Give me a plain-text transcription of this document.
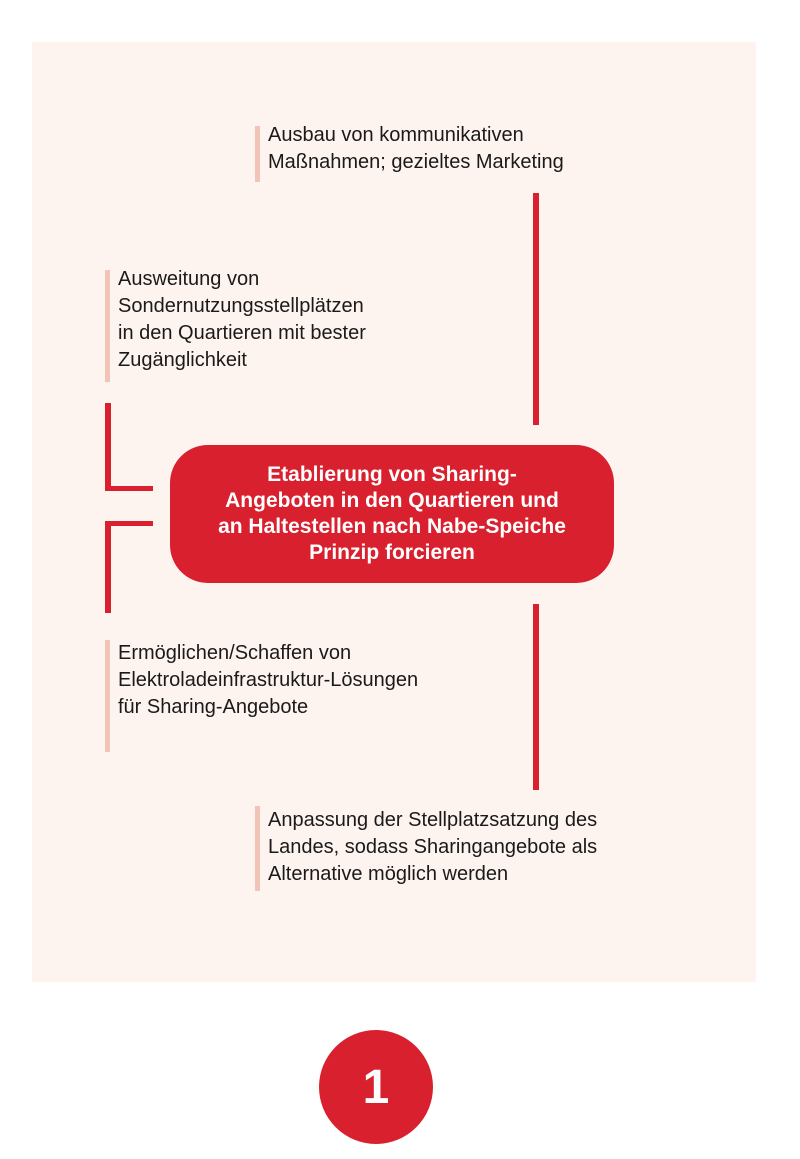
Ausbau von kommunikativen
Maßnahmen; gezieltes Marketing
Ausweitung von
Sondernutzungsstellplätzen
in den Quartieren mit bester
Zugänglichkeit
Ermöglichen/Schaffen von
Elektroladeinfrastruktur-Lösungen
für Sharing-Angebote
Anpassung der Stellplatzsatzung des
Landes, sodass Sharingangebote als
Alternative möglich werden
Etablierung von Sharing-
Angeboten in den Quartieren und
an Haltestellen nach Nabe-Speiche
Prinzip forcieren
1
